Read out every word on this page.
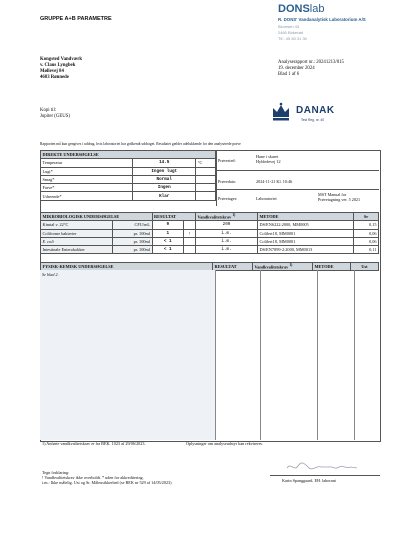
GRUPPE A+B PARAMETRE
DONSlab
R. DONS' Vandanalytisk Laboratorium A/S
Blomsen 43
2460 Birkerød
Tlf.: 45 80 31 30
Kongsted Vandværk
v. Claus Lyngbek
Møllevej 84
4683 Rønnede
Analyserapport nr.: 20241213/015
19. december 2024
Blad 1 af 6
Kopi til:
Jupiter (GEUS)
DANAK
Test Reg. nr. 40
Rapporten må kun gengives i uddrag, hvis laboratoriet har godkendt uddraget. Resultatet gælder udelukkende for den analyserede prøve
DIREKTE UNDERSØGELSE		
Temperatur	14.5	°C
Lugt*	Ingen lugt	
Smag*	Normal	
Farve*	Ingen	
Udseende*	Klar	
Prøvested:
Hane i skuret
Hyldedevej 12
Prøvedato:	2024-11-21 Kl. 10:46
Prøvetager:	Laboratoriet
MST Manual for
Prøvetagning ver. 5 2021
MIKROBIOLOGISK UNDERSØGELSE		RESULTAT		Vandkvalitetskrav $^{1)}$	METODE	Sr
Kimtal v. 22°C	CFU/mL	9		200	DS/EN6222:2000, MM0005	0,15
Coliforme bakterier	pr. 100ml	1	!	i.m.	Colilert18, MM0001	0,06
E. coli	pr. 100ml	< 1		i.m.	Colilert18, MM0001	0,06
Intestinale Enterokokker	pr. 100ml	< 1		i.m.	DS/EN7899-2:2000, MM0013	0,11
FYSISK-KEMISK UNDERSØGELSE	RESULTAT	Vandkvalitetskrav $^{1)}$	METODE	Ust
Se blad 2.
1) Anførte vandkvalitetskrav er fra BEK. 1023 af 29/06/2023.	Oplysninger om analyseudstyr kan rekvireres.
Tegn forklaring:
! Vandkvalitetskrav ikke overholdt. * uden for akkreditering.
i.m.: Ikke målelig. Ust og Sr. Måleusikkerhed (se BEK nr 529 af 14/05/2023)	Karin Spanggaard, EH. laborant
